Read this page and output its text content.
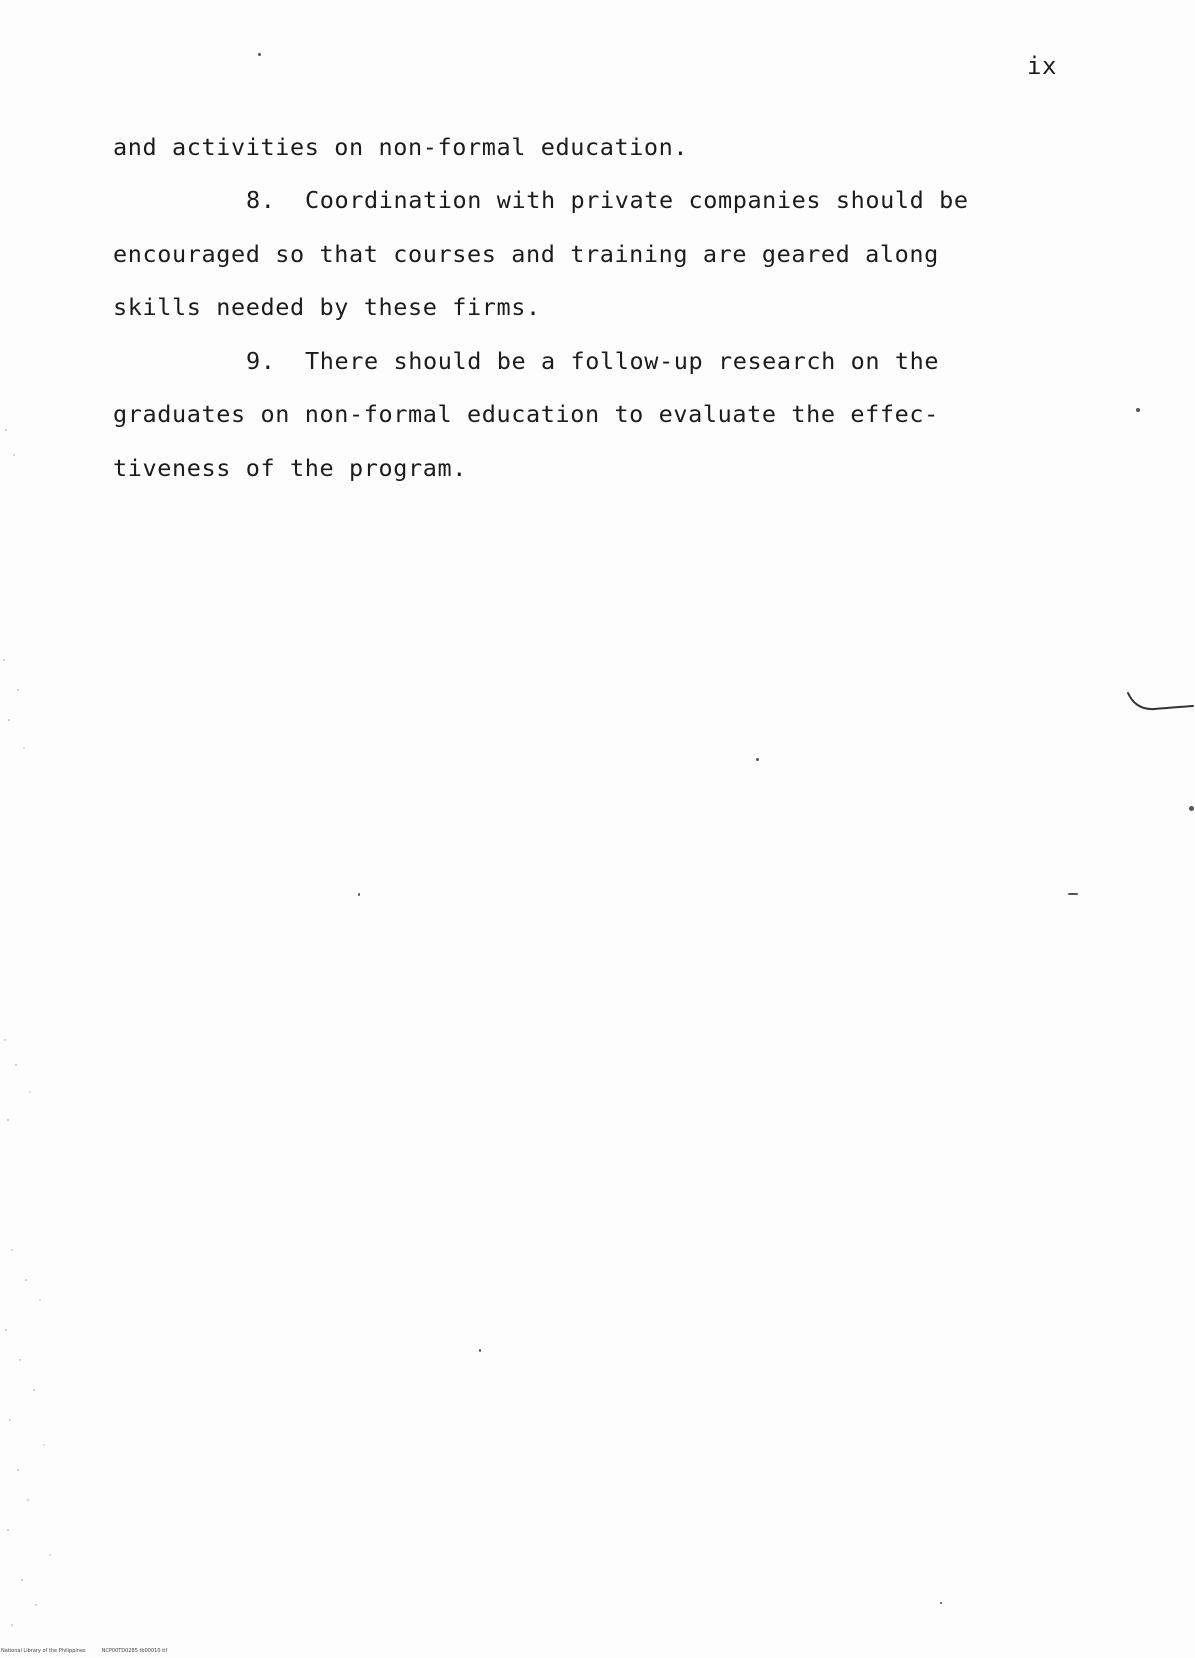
ix
and activities on non-formal education.
8.  Coordination with private companies should be
encouraged so that courses and training are geared along
skills needed by these firms.
9.  There should be a follow-up research on the
graduates on non-formal education to evaluate the effec-
tiveness of the program.
National Library of the Philippines	NCP00TD0285 tb00010 tif
